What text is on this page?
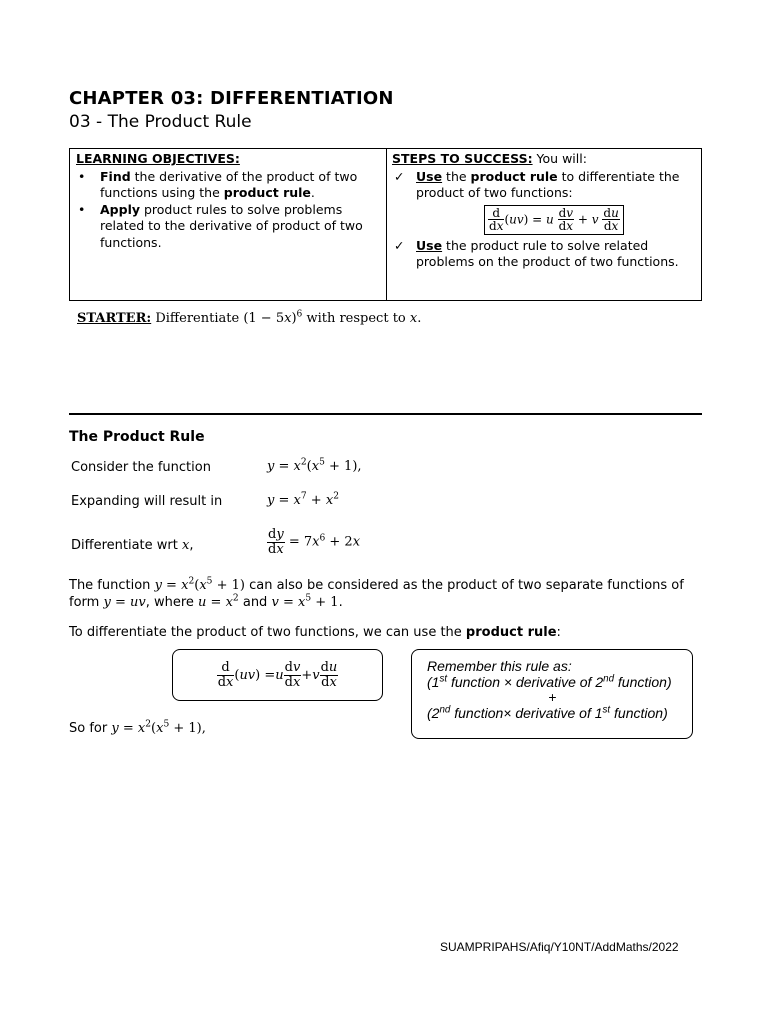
CHAPTER 03: DIFFERENTIATION
03 - The Product Rule
LEARNING OBJECTIVES:
• Find the derivative of the product of two functions using the product rule.
• Apply product rules to solve problems related to the derivative of product of two functions.
STEPS TO SUCCESS: You will:
✓ Use the product rule to differentiate the product of two functions:
$\frac{d}{dx} (uv) = u \frac{dv}{dx} + v \frac{du}{dx}$
✓ Use the product rule to solve related problems on the product of two functions.
STARTER: Differentiate $(1 - 5x)^6$ with respect to x.
The Product Rule
Consider the function	$y = x^2(x^5 + 1)$,
Expanding will result in	$y = x^7 + x^2$
Differentiate wrt x,	$\frac{dy}{dx} = 7x^6 + 2x$
The function $y = x^2(x^5 + 1)$ can also be considered as the product of two separate functions of form y = uv, where $u = x^2$ and $v = x^5 + 1$.
To differentiate the product of two functions, we can use the product rule:
$\frac{d}{dx}$ ( uv ) = u $\frac{dv}{dx} + v \frac{du}{dx}$	Remember this rule as:
(1st function × derivative of 2nd function)
+
(2nd function× derivative of 1st function)
So for $y = x^2(x^5 + 1)$,
SUAMPRIPAHS/Afiq/Y10NT/AddMaths/2022
